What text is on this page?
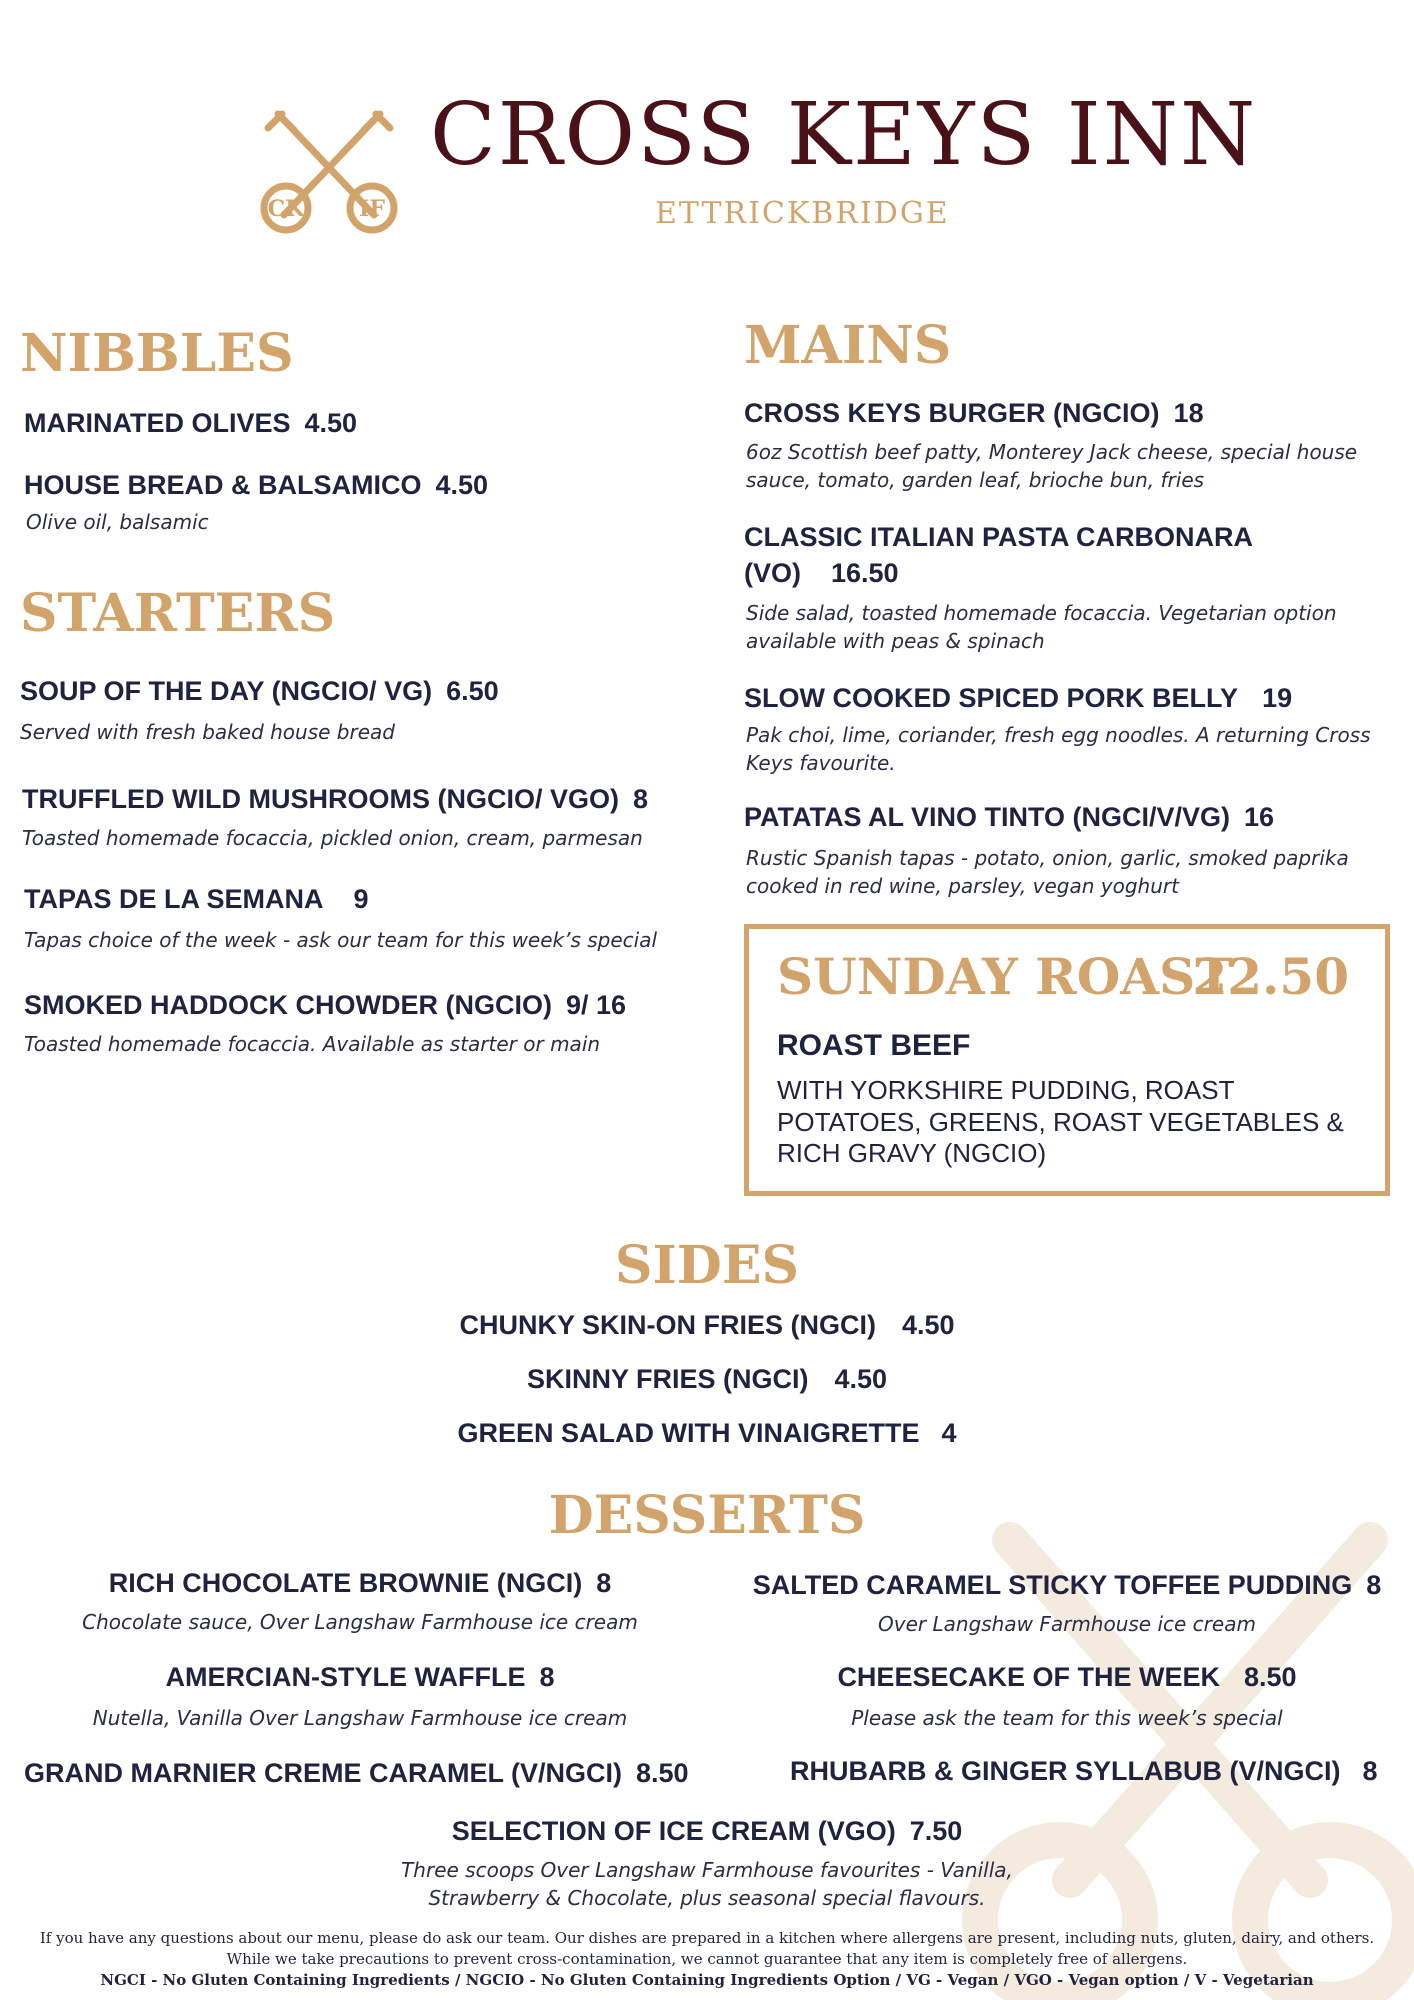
CK IF
CROSS KEYS INN
ETTRICKBRIDGE
NIBBLES
MARINATED OLIVES 4.50
HOUSE BREAD & BALSAMICO 4.50
Olive oil, balsamic
STARTERS
SOUP OF THE DAY (NGCIO/ VG) 6.50
Served with fresh baked house bread
TRUFFLED WILD MUSHROOMS (NGCIO/ VGO) 8
Toasted homemade focaccia, pickled onion, cream, parmesan
TAPAS DE LA SEMANA 9
Tapas choice of the week - ask our team for this week’s special
SMOKED HADDOCK CHOWDER (NGCIO) 9/ 16
Toasted homemade focaccia. Available as starter or main
MAINS
CROSS KEYS BURGER (NGCIO) 18
6oz Scottish beef patty, Monterey Jack cheese, special house sauce, tomato, garden leaf, brioche bun, fries
CLASSIC ITALIAN PASTA CARBONARA
(VO) 16.50
Side salad, toasted homemade focaccia. Vegetarian option available with peas & spinach
SLOW COOKED SPICED PORK BELLY 19
Pak choi, lime, coriander, fresh egg noodles. A returning Cross Keys favourite.
PATATAS AL VINO TINTO (NGCI/V/VG) 16
Rustic Spanish tapas - potato, onion, garlic, smoked paprika cooked in red wine, parsley, vegan yoghurt
SUNDAY ROAST
22.50
ROAST BEEF
WITH YORKSHIRE PUDDING, ROAST POTATOES, GREENS, ROAST VEGETABLES & RICH GRAVY (NGCIO)
SIDES
CHUNKY SKIN-ON FRIES (NGCI) 4.50
SKINNY FRIES (NGCI) 4.50
GREEN SALAD WITH VINAIGRETTE 4
DESSERTS
RICH CHOCOLATE BROWNIE (NGCI) 8
Chocolate sauce, Over Langshaw Farmhouse ice cream
SALTED CARAMEL STICKY TOFFEE PUDDING 8
Over Langshaw Farmhouse ice cream
AMERCIAN-STYLE WAFFLE 8
Nutella, Vanilla Over Langshaw Farmhouse ice cream
CHEESECAKE OF THE WEEK 8.50
Please ask the team for this week’s special
GRAND MARNIER CREME CARAMEL (V/NGCI) 8.50	RHUBARB & GINGER SYLLABUB (V/NGCI) 8
SELECTION OF ICE CREAM (VGO) 7.50
Three scoops Over Langshaw Farmhouse favourites - Vanilla,
Strawberry & Chocolate, plus seasonal special flavours.
If you have any questions about our menu, please do ask our team. Our dishes are prepared in a kitchen where allergens are present, including nuts, gluten, dairy, and others.
While we take precautions to prevent cross-contamination, we cannot guarantee that any item is completely free of allergens.
NGCI - No Gluten Containing Ingredients / NGCIO - No Gluten Containing Ingredients Option / VG - Vegan / VGO - Vegan option / V - Vegetarian
